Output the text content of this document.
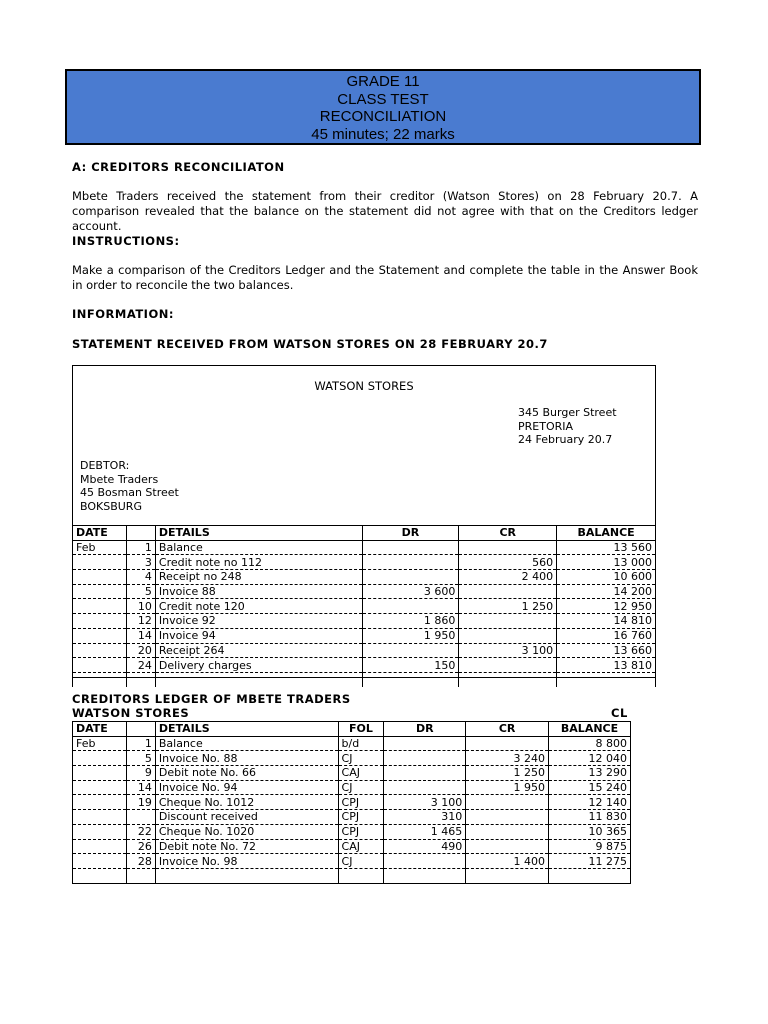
GRADE 11
CLASS TEST
RECONCILIATION
45 minutes; 22 marks
A: CREDITORS RECONCILIATON
Mbete Traders received the statement from their creditor (Watson Stores) on 28 February 20.7. A comparison revealed that the balance on the statement did not agree with that on the Creditors ledger account.
INSTRUCTIONS:
Make a comparison of the Creditors Ledger and the Statement and complete the table in the Answer Book in order to reconcile the two balances.
INFORMATION:
STATEMENT RECEIVED FROM WATSON STORES ON 28 FEBRUARY 20.7
WATSON STORES
345 Burger Street
PRETORIA
24 February 20.7
DEBTOR:
Mbete Traders
45 Bosman Street
BOKSBURG
DATE		DETAILS	DR	CR	BALANCE
Feb	1	Balance			13 560
	3	Credit note no 112		560	13 000
	4	Receipt no 248		2 400	10 600
	5	Invoice 88	3 600		14 200
	10	Credit note 120		1 250	12 950
	12	Invoice 92	1 860		14 810
	14	Invoice 94	1 950		16 760
	20	Receipt 264		3 100	13 660
	24	Delivery charges	150		13 810

CREDITORS LEDGER OF MBETE TRADERS
WATSON STORES	CL
DATE		DETAILS	FOL	DR	CR	BALANCE
Feb	1	Balance	b/d			8 800
	5	Invoice No. 88	CJ		3 240	12 040
	9	Debit note No. 66	CAJ		1 250	13 290
	14	Invoice No. 94	CJ		1 950	15 240
	19	Cheque No. 1012	CPJ	3 100		12 140
		Discount received	CPJ	310		11 830
	22	Cheque No. 1020	CPJ	1 465		10 365
	26	Debit note No. 72	CAJ	490		9 875
	28	Invoice No. 98	CJ		1 400	11 275
